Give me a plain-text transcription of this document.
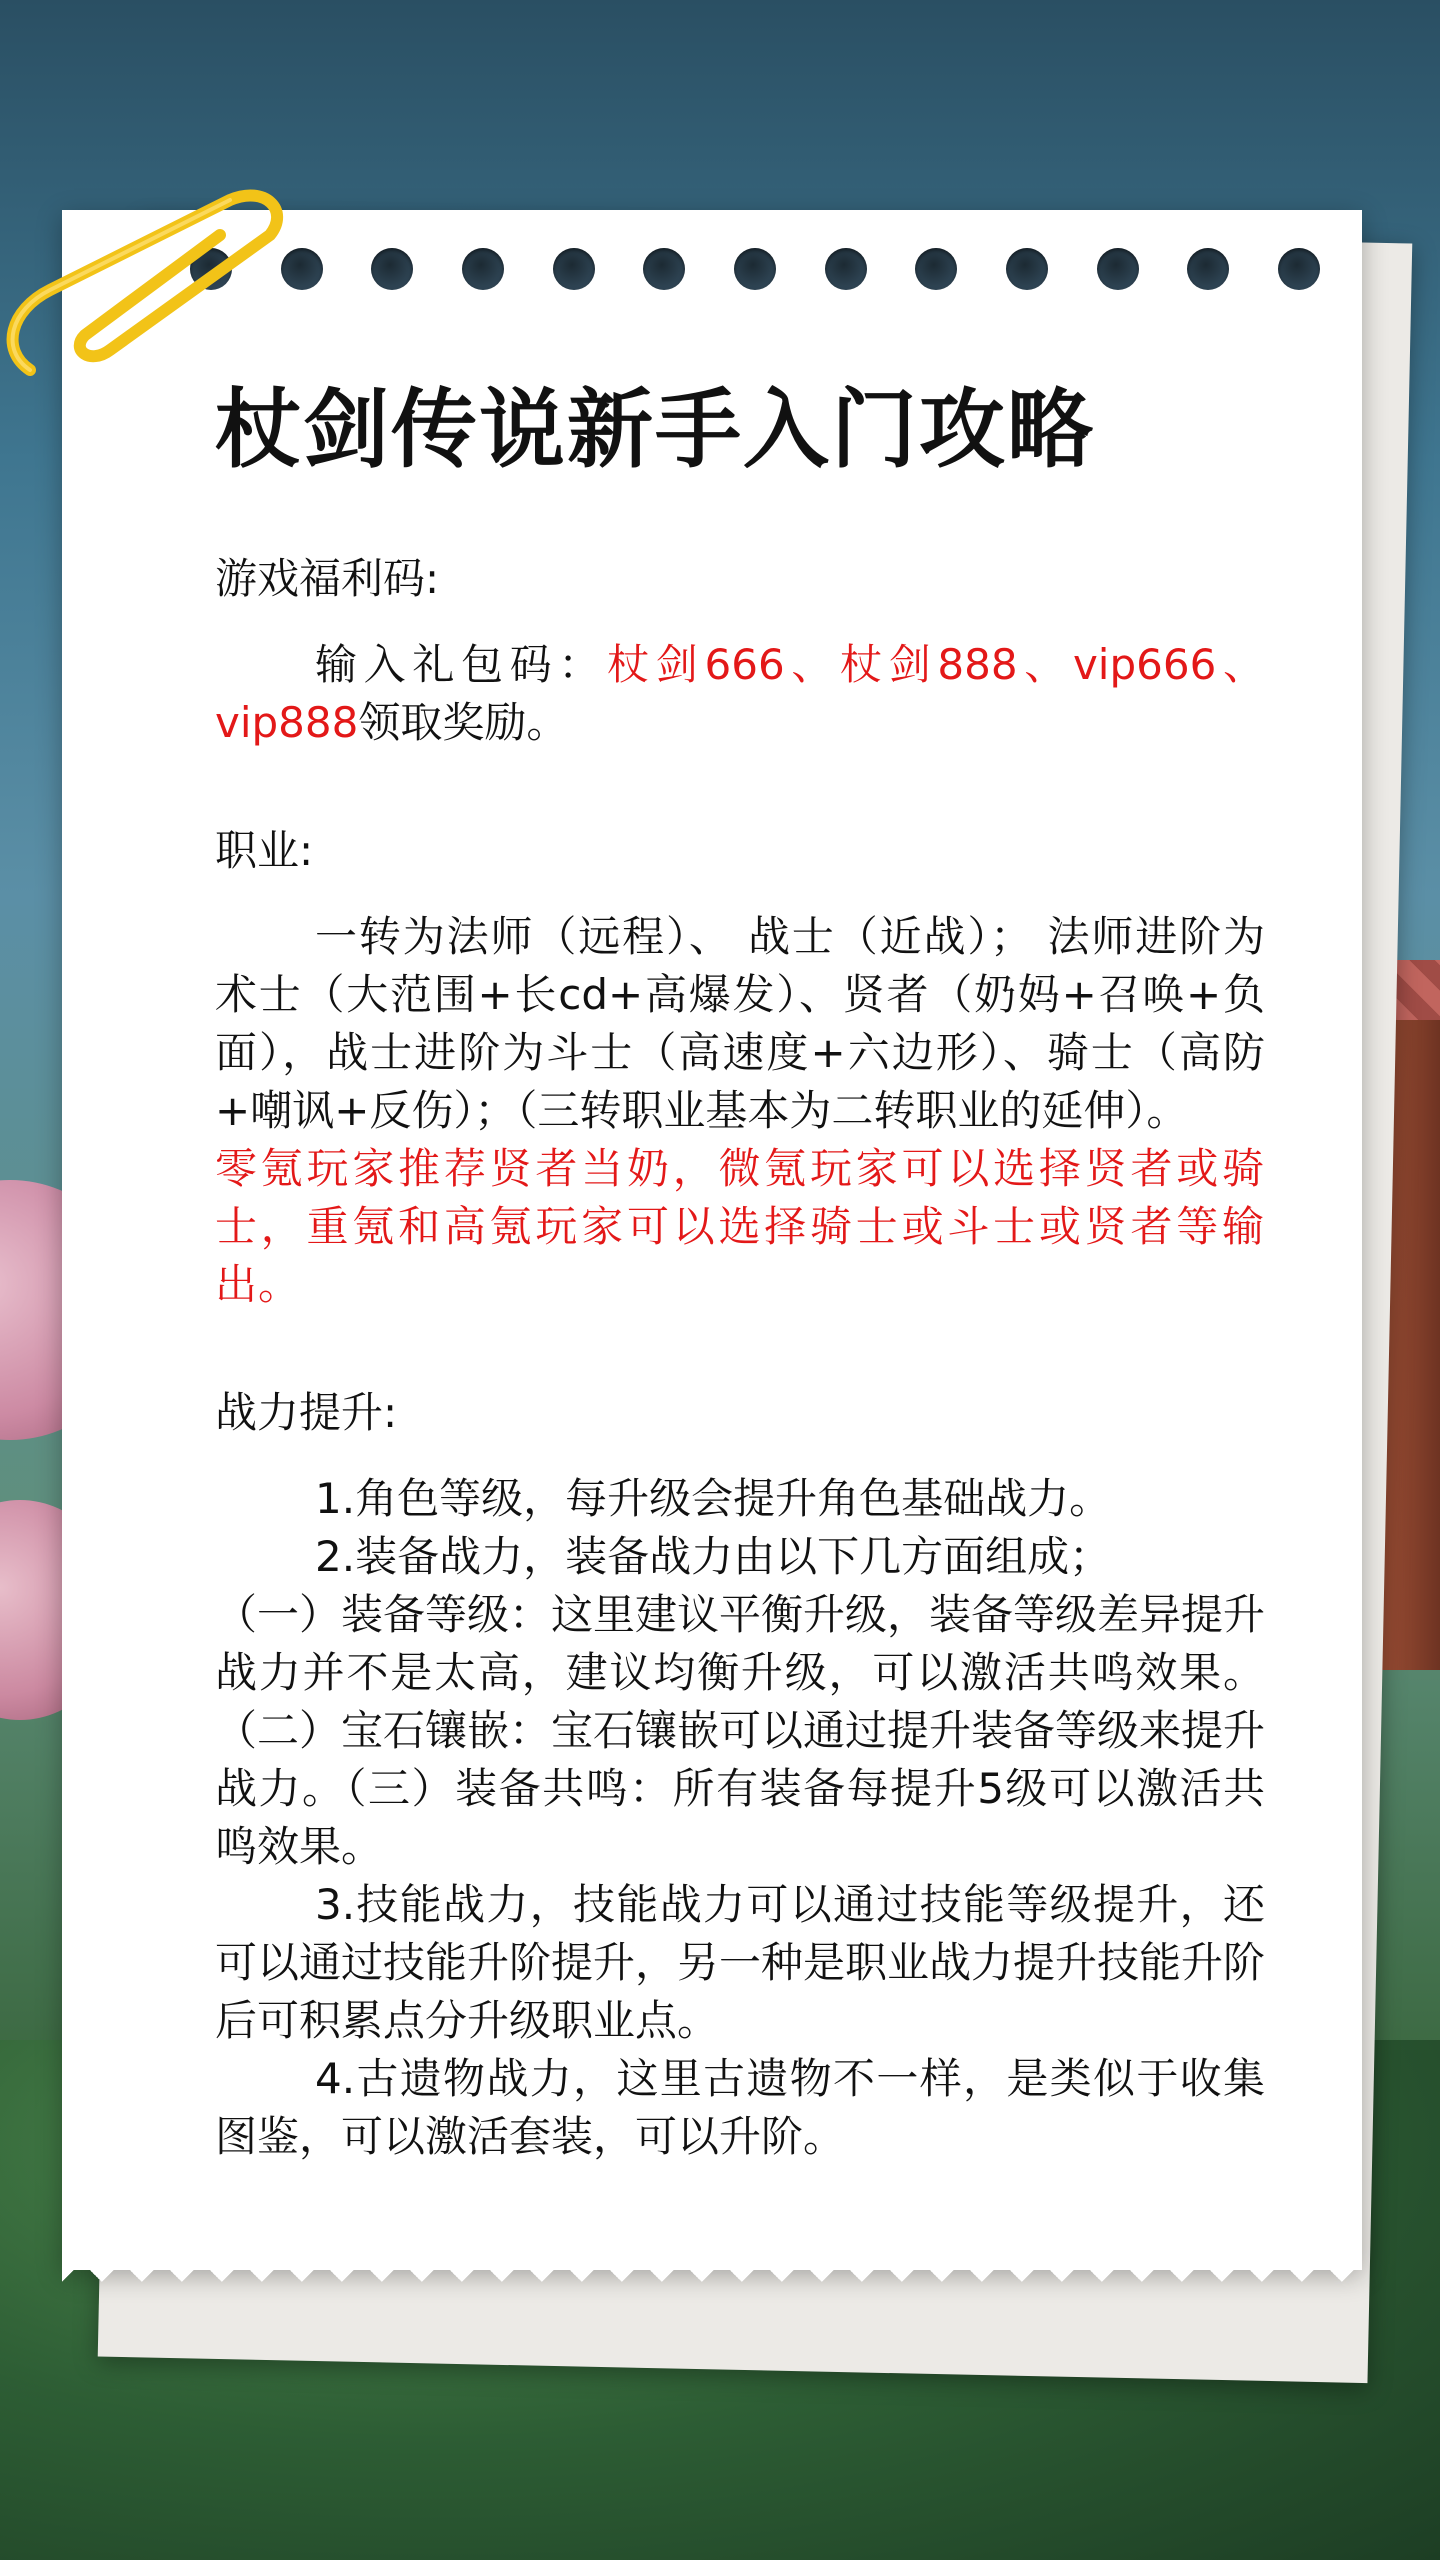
杖剑传说新手入门攻略

游戏福利码:

输入礼包码：杖剑666、杖剑888、vip666、vip888领取奖励。

职业:

一转为法师（远程）、 战士（近战）； 法师进阶为术士（大范围+长cd+高爆发）、贤者（奶妈+召唤+负面），战士进阶为斗士（高速度+六边形）、骑士（高防+嘲讽+反伤）；（三转职业基本为二转职业的延伸）。

零氪玩家推荐贤者当奶，微氪玩家可以选择贤者或骑士，重氪和高氪玩家可以选择骑士或斗士或贤者等输出。

战力提升:

1.角色等级，每升级会提升角色基础战力。

2.装备战力，装备战力由以下几方面组成；

（一）装备等级：这里建议平衡升级，装备等级差异提升战力并不是太高，建议均衡升级，可以激活共鸣效果。（二）宝石镶嵌：宝石镶嵌可以通过提升装备等级来提升战力。（三）装备共鸣：所有装备每提升5级可以激活共鸣效果。

3.技能战力，技能战力可以通过技能等级提升，还可以通过技能升阶提升，另一种是职业战力提升技能升阶后可积累点分升级职业点。

4.古遗物战力，这里古遗物不一样，是类似于收集图鉴，可以激活套装，可以升阶。
